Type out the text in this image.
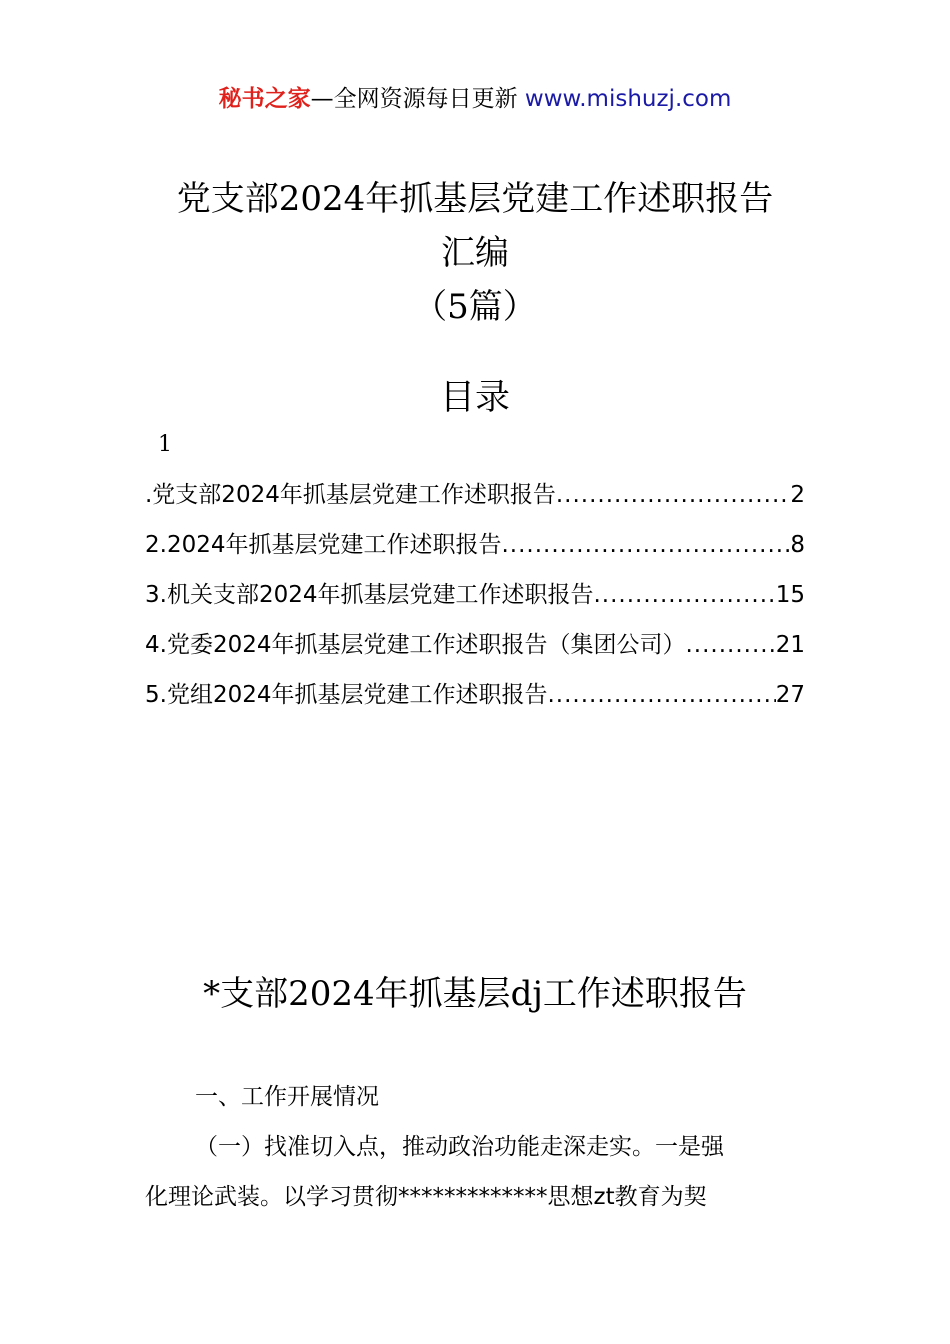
秘书之家—全网资源每日更新 www.mishuzj.com
党支部2024年抓基层党建工作述职报告
汇编
（5篇）
目录
1
.党支部2024年抓基层党建工作述职报告 .....	2
2.2024年抓基层党建工作述职报告 .....	8
3.机关支部2024年抓基层党建工作述职报告 .....	15
4.党委2024年抓基层党建工作述职报告（集团公司） .....	21
5.党组2024年抓基层党建工作述职报告 .....	27
*支部2024年抓基层dj工作述职报告
一、工作开展情况
（一）找准切入点，推动政治功能走深走实。一是强
化理论武装。以学习贯彻*************思想zt教育为契
